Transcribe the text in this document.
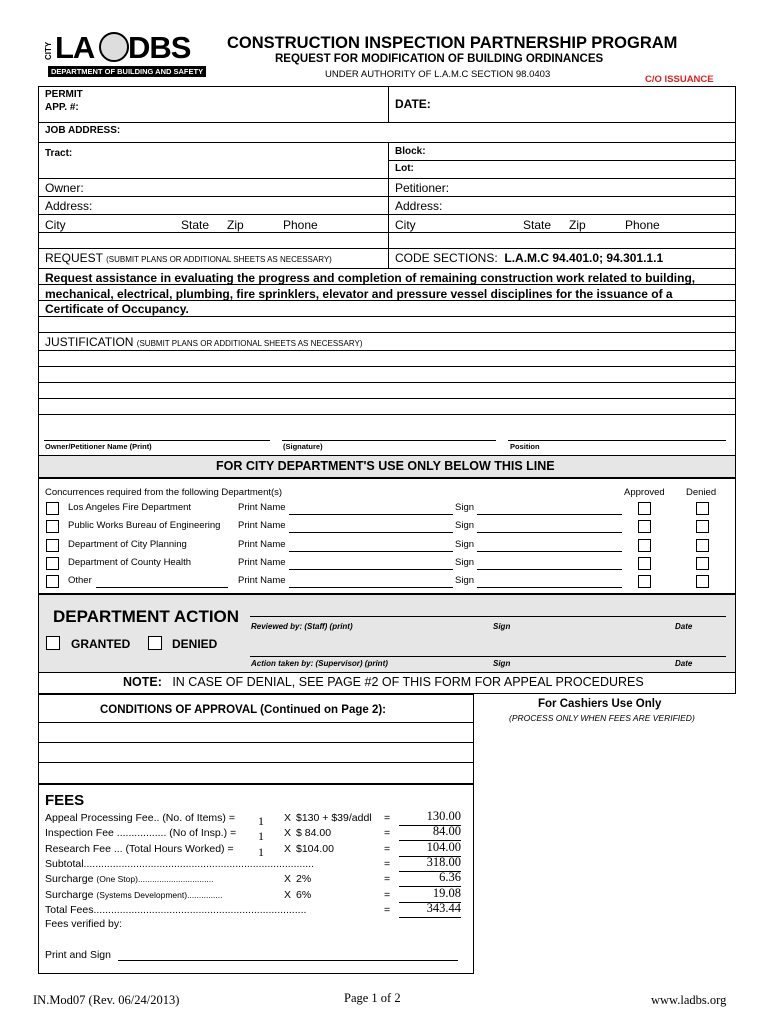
CITY LA DBS
DEPARTMENT OF BUILDING AND SAFETY
CONSTRUCTION INSPECTION PARTNERSHIP PROGRAM
REQUEST FOR MODIFICATION OF BUILDING ORDINANCES
UNDER AUTHORITY OF L.A.M.C SECTION 98.0403	C/O ISSUANCE
PERMIT
APP. #:	DATE:
JOB ADDRESS:
Tract:	Block:
Lot:
Owner:	Petitioner:
Address:	Address:
City	State Zip	Phone	City	State Zip	Phone
REQUEST (SUBMIT PLANS OR ADDITIONAL SHEETS AS NECESSARY)	CODE SECTIONS: L.A.M.C 94.401.0; 94.301.1.1
Request assistance in evaluating the progress and completion of remaining construction work related to building,
mechanical, electrical, plumbing, fire sprinklers, elevator and pressure vessel disciplines for the issuance of a
Certificate of Occupancy.
JUSTIFICATION (SUBMIT PLANS OR ADDITIONAL SHEETS AS NECESSARY)
Owner/Petitioner Name (Print)	(Signature)	Position
FOR CITY DEPARTMENT'S USE ONLY BELOW THIS LINE
Concurrences required from the following Department(s)	Approved Denied
Los Angeles Fire Department	Print Name	Sign
Public Works Bureau of Engineering Print Name	Sign
Department of City Planning	Print Name	Sign
Department of County Health	Print Name	Sign
Other	Print Name	Sign
DEPARTMENT ACTION
GRANTED	DENIED
Reviewed by: (Staff) (print)	Sign	Date
Action taken by: (Supervisor) (print)	Sign	Date
NOTE: IN CASE OF DENIAL, SEE PAGE #2 OF THIS FORM FOR APPEAL PROCEDURES
CONDITIONS OF APPROVAL (Continued on Page 2):	For Cashiers Use Only
(PROCESS ONLY WHEN FEES ARE VERIFIED)
FEES
Appeal Processing Fee.. (No. of Items) = 1 X $130 + $39/addl =	130.00
Inspection Fee ................. (No of Insp.) = 1 X $ 84.00	=	84.00
Research Fee ... (Total Hours Worked) = 1 X $104.00	=	104.00
Subtotal...............................................................................	=	318.00
Surcharge (One Stop)................................	X 2%	=	6.36
Surcharge (Systems Development)...............	X 6%	=	19.08
Total Fees.........................................................................	=	343.44
Fees verified by:
Print and Sign
IN.Mod07 (Rev. 06/24/2013)	Page 1 of 2	www.ladbs.org
